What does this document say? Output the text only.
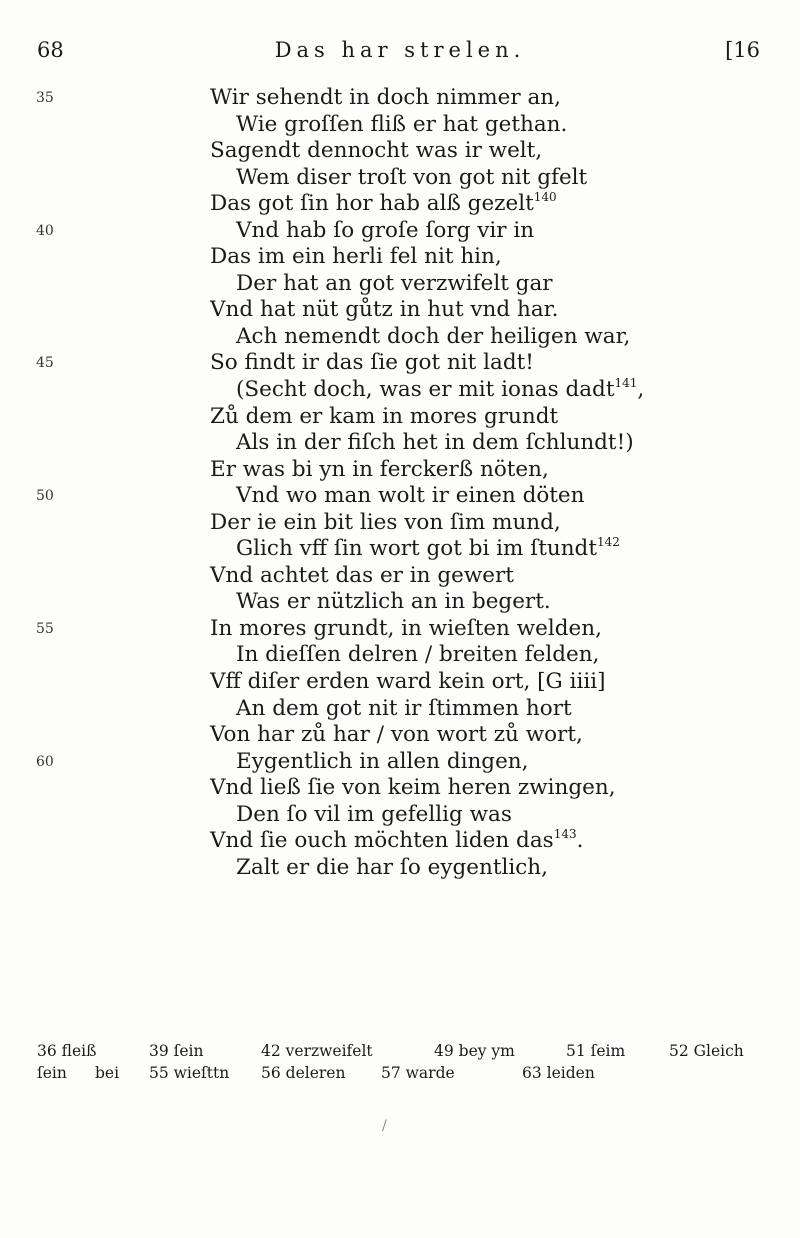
68	Das har strelen.	[16
35	Wir sehendt in doch nimmer an,
Wie groſſen fliß er hat gethan.
Sagendt dennocht was ir welt,
Wem diser troſt von got nit gfelt
Das got ſin hor hab alß gezelt$^{140}$
40	Vnd hab ſo groſe ſorg vir in
Das im ein herli fel nit hin,
Der hat an got verzwifelt gar
Vnd hat nüt gůtz in hut vnd har.
Ach nemendt doch der heiligen war,
45	So findt ir das ſie got nit ladt!
(Secht doch, was er mit ionas dadt$^{141}$,
Zů dem er kam in mores grundt
Als in der fiſch het in dem ſchlundt!)
Er was bi yn in ferckerß nöten,
50	Vnd wo man wolt ir einen döten
Der ie ein bit lies von ſim mund,
Glich vff ſin wort got bi im ſtundt$^{142}$
Vnd achtet das er in gewert
Was er nützlich an in begert.
55	In mores grundt, in wieſten welden,
In dieſſen delren / breiten felden,
Vff diſer erden ward kein ort, [G iiii]
An dem got nit ir ſtimmen hort
Von har zů har / von wort zů wort,
60	Eygentlich in allen dingen,
Vnd ließ ſie von keim heren zwingen,
Den ſo vil im gefellig was
Vnd ſie ouch möchten liden das$^{143}$.
Zalt er die har ſo eygentlich,
36 fleiß	39 ſein	42 verzweifelt	49 bey ym	51 ſeim	52 Gleich
ſein bei 55 wieſttn 56 deleren 57 warde	63 leiden
/
